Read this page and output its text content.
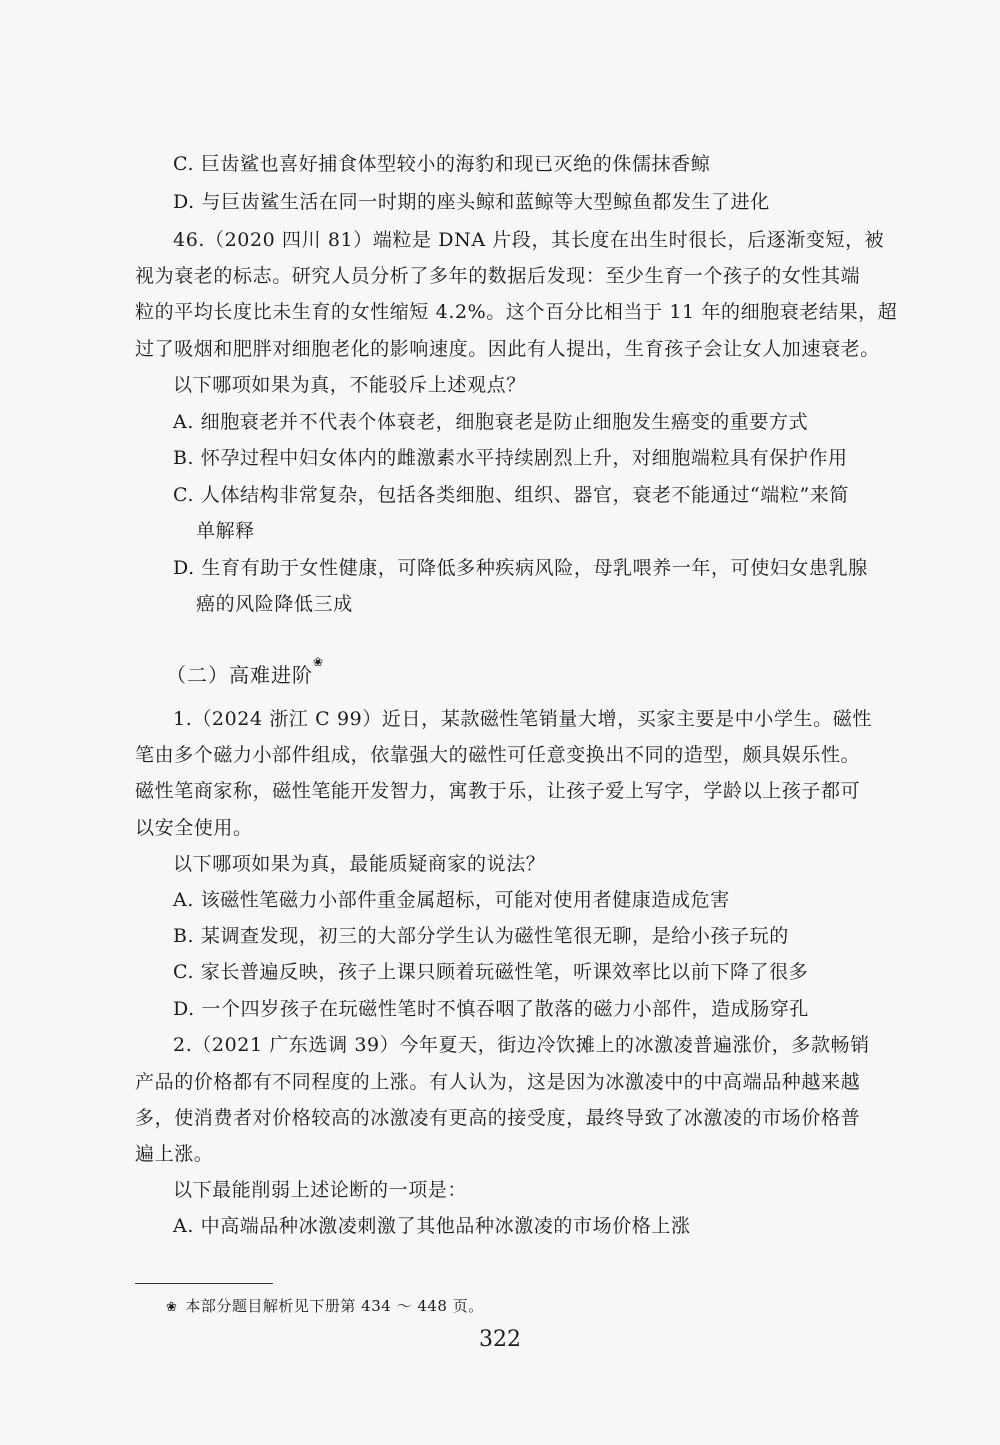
C. 巨齿鲨也喜好捕食体型较小的海豹和现已灭绝的侏儒抹香鲸
D. 与巨齿鲨生活在同一时期的座头鲸和蓝鲸等大型鲸鱼都发生了进化
46.（2020 四川 81）端粒是 DNA 片段，其长度在出生时很长，后逐渐变短，被
视为衰老的标志。研究人员分析了多年的数据后发现：至少生育一个孩子的女性其端
粒的平均长度比未生育的女性缩短 4.2%。这个百分比相当于 11 年的细胞衰老结果，超
过了吸烟和肥胖对细胞老化的影响速度。因此有人提出，生育孩子会让女人加速衰老。
以下哪项如果为真，不能驳斥上述观点？
A. 细胞衰老并不代表个体衰老，细胞衰老是防止细胞发生癌变的重要方式
B. 怀孕过程中妇女体内的雌激素水平持续剧烈上升，对细胞端粒具有保护作用
C. 人体结构非常复杂，包括各类细胞、组织、器官，衰老不能通过“端粒”来简
单解释
D. 生育有助于女性健康，可降低多种疾病风险，母乳喂养一年，可使妇女患乳腺
癌的风险降低三成
（二）高难进阶
❀
1.（2024 浙江 C 99）近日，某款磁性笔销量大增，买家主要是中小学生。磁性
笔由多个磁力小部件组成，依靠强大的磁性可任意变换出不同的造型，颇具娱乐性。
磁性笔商家称，磁性笔能开发智力，寓教于乐，让孩子爱上写字，学龄以上孩子都可
以安全使用。
以下哪项如果为真，最能质疑商家的说法？
A. 该磁性笔磁力小部件重金属超标，可能对使用者健康造成危害
B. 某调查发现，初三的大部分学生认为磁性笔很无聊，是给小孩子玩的
C. 家长普遍反映，孩子上课只顾着玩磁性笔，听课效率比以前下降了很多
D. 一个四岁孩子在玩磁性笔时不慎吞咽了散落的磁力小部件，造成肠穿孔
2.（2021 广东选调 39）今年夏天，街边冷饮摊上的冰激凌普遍涨价，多款畅销
产品的价格都有不同程度的上涨。有人认为，这是因为冰激凌中的中高端品种越来越
多，使消费者对价格较高的冰激凌有更高的接受度，最终导致了冰激凌的市场价格普
遍上涨。
以下最能削弱上述论断的一项是：
A. 中高端品种冰激凌刺激了其他品种冰激凌的市场价格上涨
❀ 本部分题目解析见下册第 434 ～ 448 页。
322
